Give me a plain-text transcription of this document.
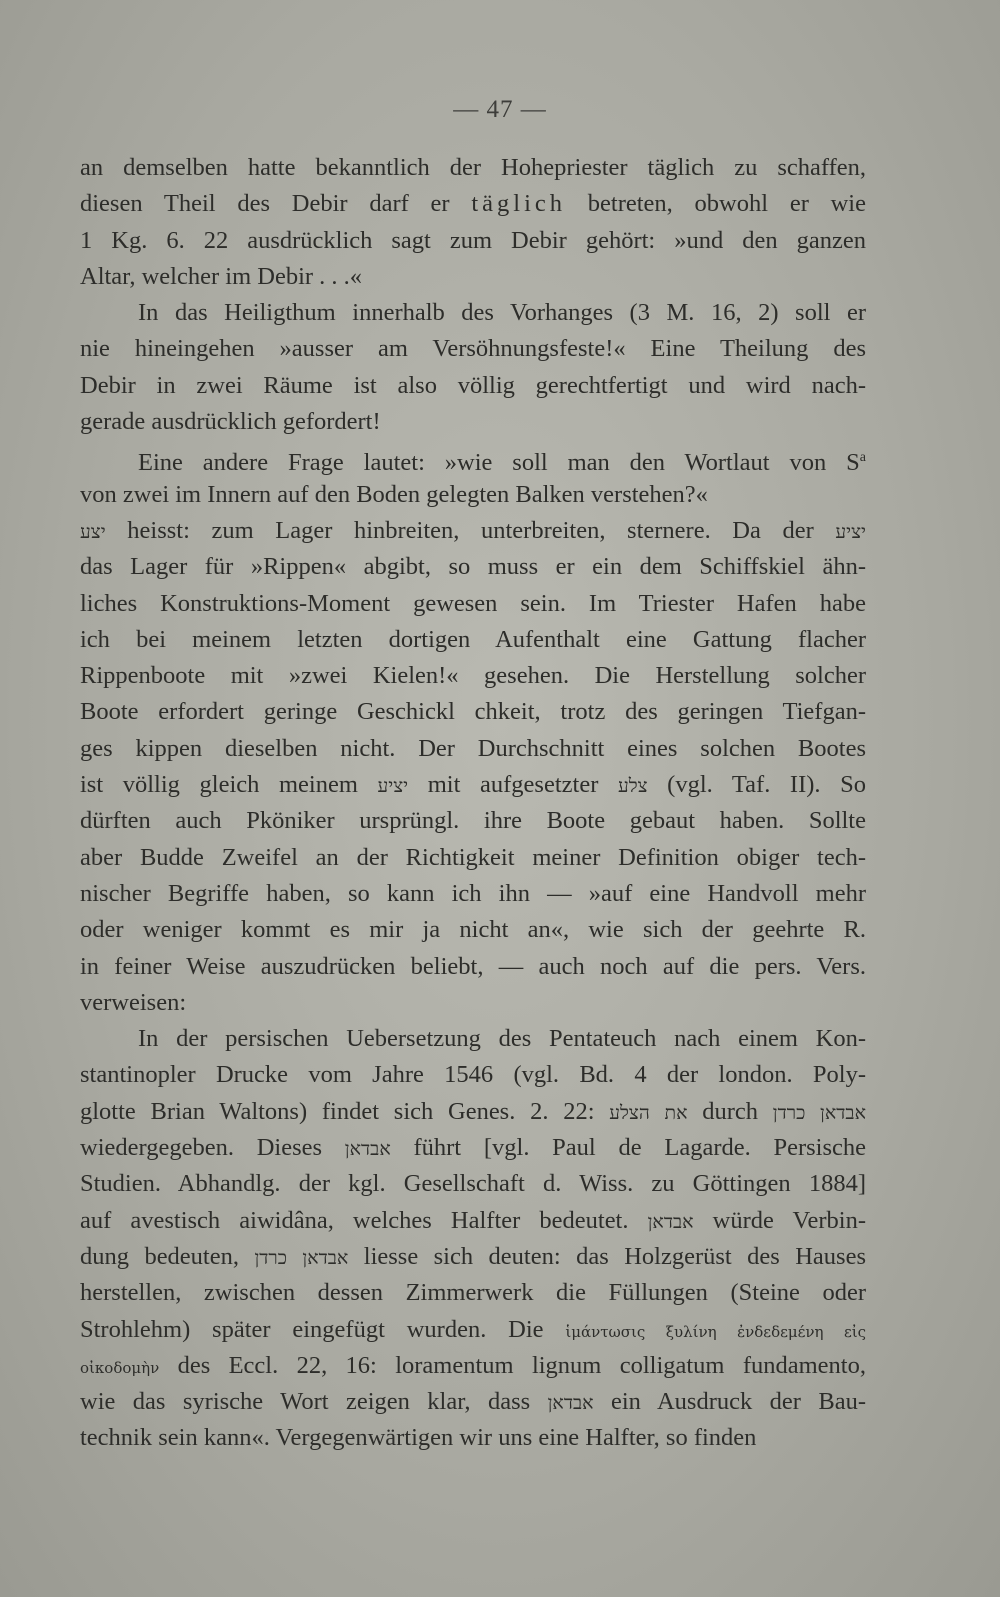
— 47 —
an demselben hatte bekanntlich der Hohepriester täglich zu schaffen,
diesen Theil des Debir darf er täglich betreten, obwohl er wie
1 Kg. 6. 22 ausdrücklich sagt zum Debir gehört: »und den ganzen
Altar, welcher im Debir . . .«
In das Heiligthum innerhalb des Vorhanges (3 M. 16, 2) soll er
nie hineingehen »ausser am Versöhnungsfeste!« Eine Theilung des
Debir in zwei Räume ist also völlig gerechtfertigt und wird nach-
gerade ausdrücklich gefordert!
Eine andere Frage lautet: »wie soll man den Wortlaut von $S^a$
von zwei im Innern auf den Boden gelegten Balken verstehen?«
יצע heisst: zum Lager hinbreiten, unterbreiten, sternere. Da der יציע
das Lager für »Rippen« abgibt, so muss er ein dem Schiffskiel ähn-
liches Konstruktions-Moment gewesen sein. Im Triester Hafen habe
ich bei meinem letzten dortigen Aufenthalt eine Gattung flacher
Rippenboote mit »zwei Kielen!« gesehen. Die Herstellung solcher
Boote erfordert geringe Geschickl chkeit, trotz des geringen Tiefgan-
ges kippen dieselben nicht. Der Durchschnitt eines solchen Bootes
ist völlig gleich meinem יציע mit aufgesetzter צלע (vgl. Taf. II). So
dürften auch Pköniker ursprüngl. ihre Boote gebaut haben. Sollte
aber Budde Zweifel an der Richtigkeit meiner Definition obiger tech-
nischer Begriffe haben, so kann ich ihn — »auf eine Handvoll mehr
oder weniger kommt es mir ja nicht an«, wie sich der geehrte R.
in feiner Weise auszudrücken beliebt, — auch noch auf die pers. Vers.
verweisen:
In der persischen Uebersetzung des Pentateuch nach einem Kon-
stantinopler Drucke vom Jahre 1546 (vgl. Bd. 4 der london. Poly-
glotte Brian Waltons) findet sich Genes. 2. 22: את הצלע durch אבדאן כרדן
wiedergegeben. Dieses אבדאן führt [vgl. Paul de Lagarde. Persische
Studien. Abhandlg. der kgl. Gesellschaft d. Wiss. zu Göttingen 1884]
auf avestisch aiwidâna, welches Halfter bedeutet. אבדאן würde Verbin-
dung bedeuten, אבדאן כרדן liesse sich deuten: das Holzgerüst des Hauses
herstellen, zwischen dessen Zimmerwerk die Füllungen (Steine oder
Strohlehm) später eingefügt wurden. Die ἱμάντωσις ξυλίνη ἐνδεδεμένη εἰς
οἰκοδομὴν des Eccl. 22, 16: loramentum lignum colligatum fundamento,
wie das syrische Wort zeigen klar, dass אבדאן ein Ausdruck der Bau-
technik sein kann«. Vergegenwärtigen wir uns eine Halfter, so finden
